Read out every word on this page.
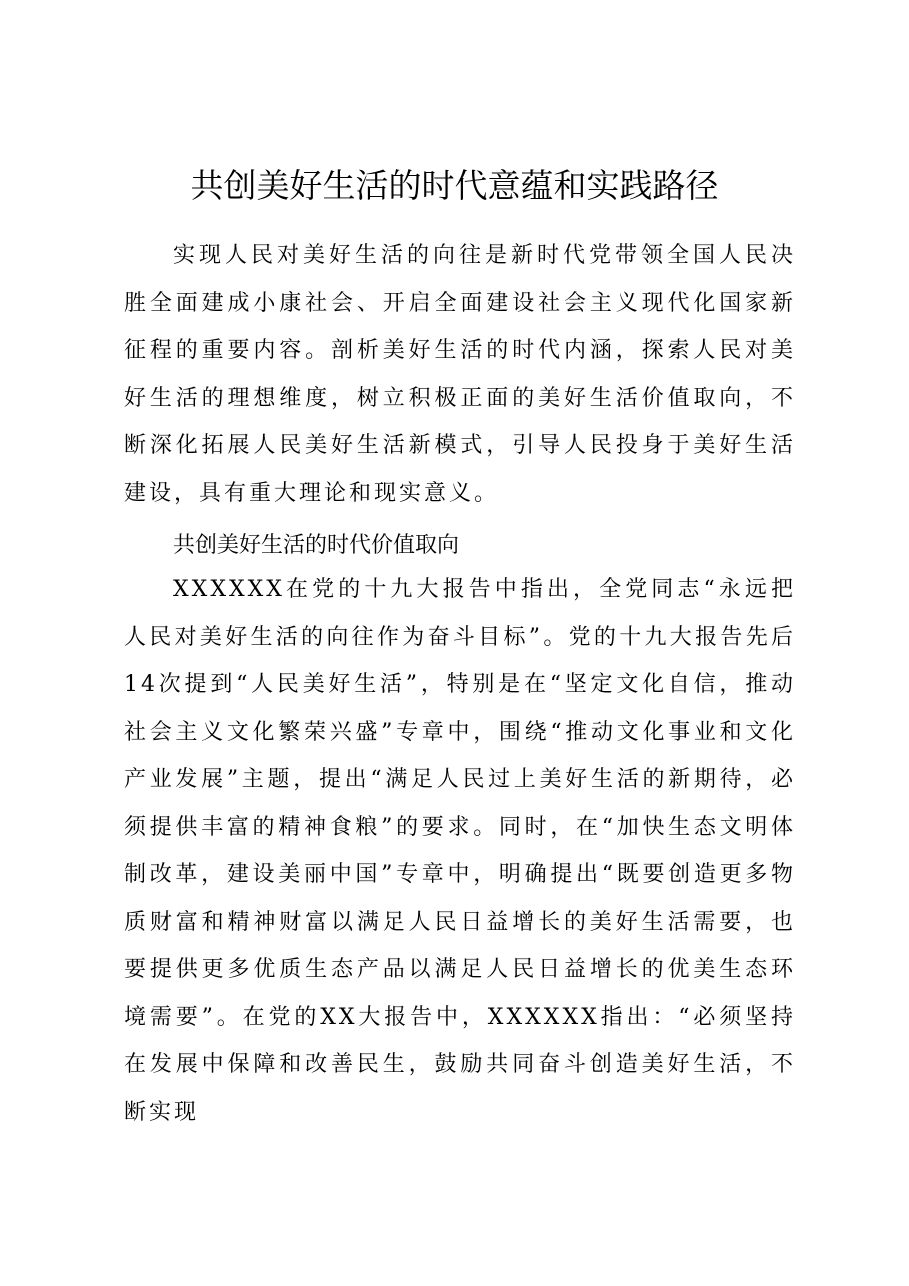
共创美好生活的时代意蕴和实践路径

实现人民对美好生活的向往是新时代党带领全国人民决胜全面建成小康社会、开启全面建设社会主义现代化国家新征程的重要内容。剖析美好生活的时代内涵，探索人民对美好生活的理想维度，树立积极正面的美好生活价值取向，不断深化拓展人民美好生活新模式，引导人民投身于美好生活建设，具有重大理论和现实意义。

共创美好生活的时代价值取向

XXXXXX在党的十九大报告中指出，全党同志“永远把人民对美好生活的向往作为奋斗目标”。党的十九大报告先后14次提到“人民美好生活”，特别是在“坚定文化自信，推动社会主义文化繁荣兴盛”专章中，围绕“推动文化事业和文化产业发展”主题，提出“满足人民过上美好生活的新期待，必须提供丰富的精神食粮”的要求。同时，在“加快生态文明体制改革，建设美丽中国”专章中，明确提出“既要创造更多物质财富和精神财富以满足人民日益增长的美好生活需要，也要提供更多优质生态产品以满足人民日益增长的优美生态环境需要”。在党的XX大报告中，XXXXXX指出：“必须坚持在发展中保障和改善民生，鼓励共同奋斗创造美好生活，不断实现
